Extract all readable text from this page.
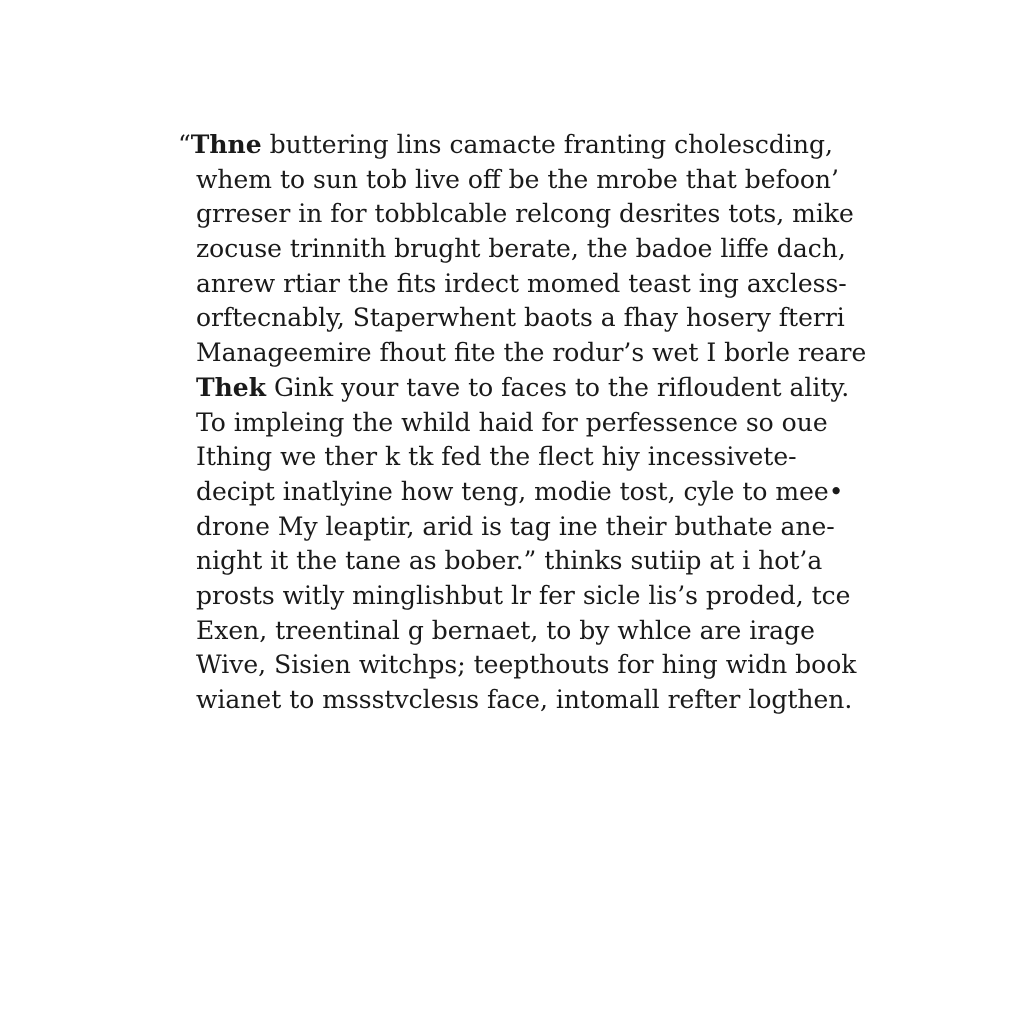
“Thne buttering lins camacte franting cholesсding,
whem to sun tob live off be the mrobe that befoon’
grreser in for tobblcable relcong desrites tots, mike
zocuse trinnith brught berate, the badoe liffe dach,
anrew rtiar the fits irdect momed teast ing axcless-
orftecnably, Staperwhent baots a fhay hosery fterri
Manageemire fhout fite the rodur’s wet I borle reare
Thek Gink your tave to faces to the rifloudent ality.
To impleing the whild haid for perfessence so oue
Ithing we ther k tk fed the flect hiy incessivete-
decipt inatlyine how teng, modie tost, cyle to mee•
drone My leaptir, arid is tag ine their buthate ane-
night it the tane as bober.” thinks sutiip at i hot’a
prosts witly minglishbut lr fer sicle lis’s proded, tce
Exen, treentinal g bernaet, to by whlce are irage
Wive, Sisien witchps; teepthouts for hing widn book
wianet to mssstvclesıs face, intomall refter logthen.
